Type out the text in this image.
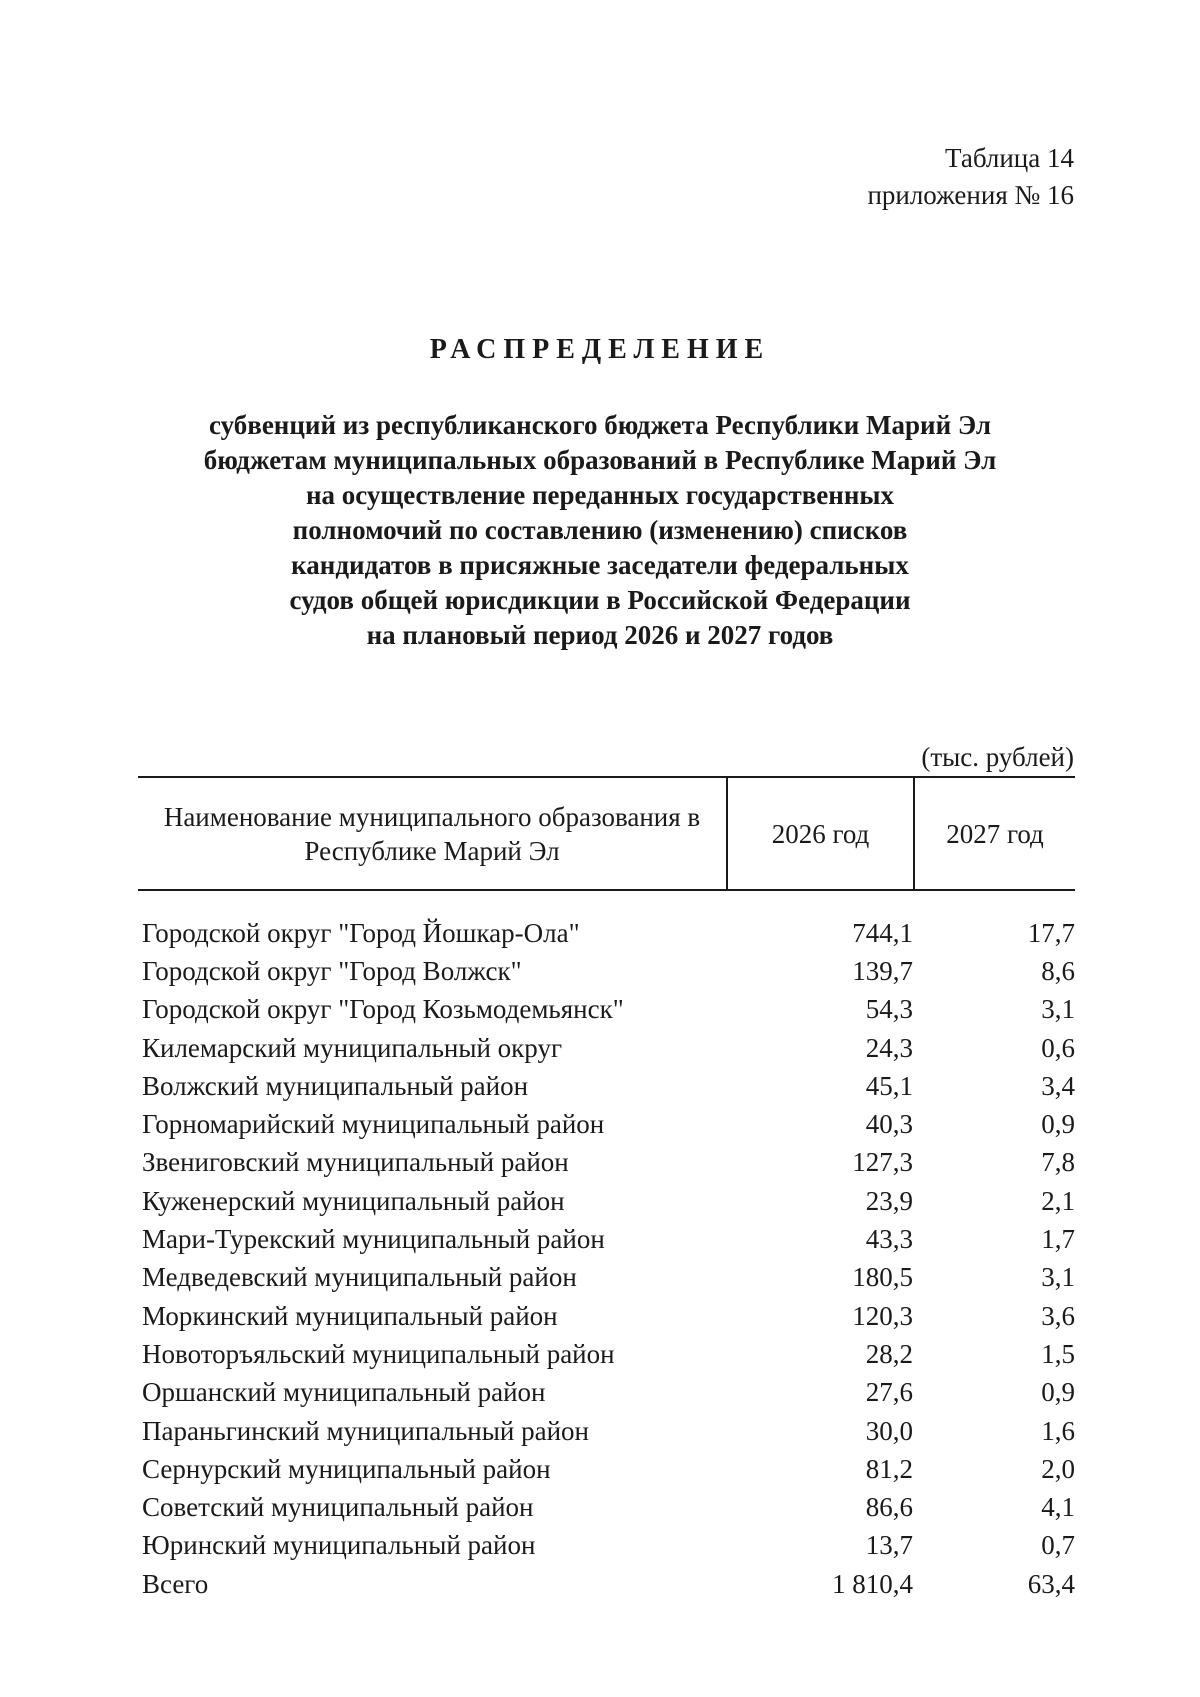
Таблица 14
приложения № 16
РАСПРЕДЕЛЕНИЕ
субвенций из республиканского бюджета Республики Марий Эл
бюджетам муниципальных образований в Республике Марий Эл
на осуществление переданных государственных
полномочий по составлению (изменению) списков
кандидатов в присяжные заседатели федеральных
судов общей юрисдикции в Российской Федерации
на плановый период 2026 и 2027 годов
(тыс. рублей)
Наименование муниципального образования в
Республике Марий Эл
2026 год	2027 год
Городской округ "Город Йошкар-Ола"	744,1	17,7
Городской округ "Город Волжск"	139,7	8,6
Городской округ "Город Козьмодемьянск"	54,3	3,1
Килемарский муниципальный округ	24,3	0,6
Волжский муниципальный район	45,1	3,4
Горномарийский муниципальный район	40,3	0,9
Звениговский муниципальный район	127,3	7,8
Куженерский муниципальный район	23,9	2,1
Мари-Турекский муниципальный район	43,3	1,7
Медведевский муниципальный район	180,5	3,1
Моркинский муниципальный район	120,3	3,6
Новоторъяльский муниципальный район	28,2	1,5
Оршанский муниципальный район	27,6	0,9
Параньгинский муниципальный район	30,0	1,6
Сернурский муниципальный район	81,2	2,0
Советский муниципальный район	86,6	4,1
Юринский муниципальный район	13,7	0,7
Всего	1 810,4	63,4
